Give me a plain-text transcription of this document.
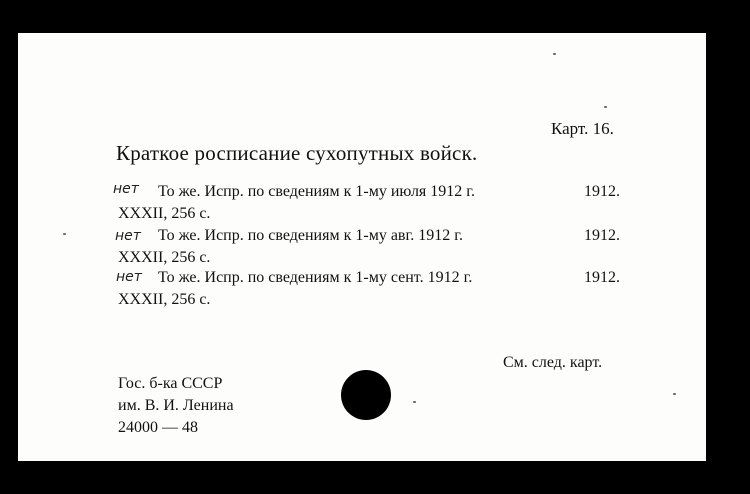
Карт. 16.
Краткое росписание сухопутных войск.
нет То же. Испр. по сведениям к 1-му июля 1912 г.	1912.
XXXII, 256 с.
нет То же. Испр. по сведениям к 1-му авг. 1912 г.	1912.
XXXII, 256 с.
нет То же. Испр. по сведениям к 1-му сент. 1912 г.	1912.
XXXII, 256 с.
См. след. карт.
Гос. б-ка СССР
им. В. И. Ленина
24000 — 48
